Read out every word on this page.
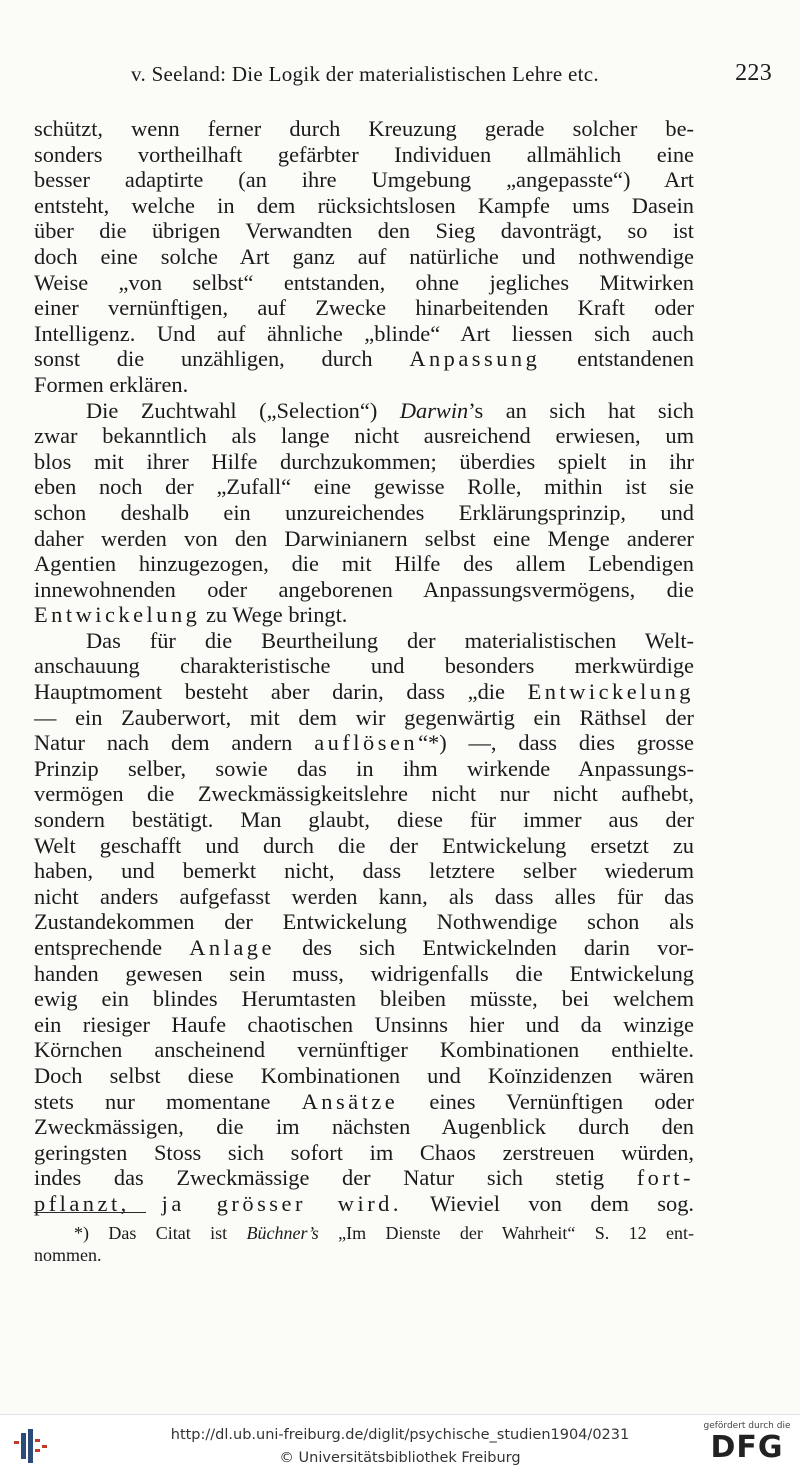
v. Seeland: Die Logik der materialistischen Lehre etc.	223
schützt, wenn ferner durch Kreuzung gerade solcher be-
sonders vortheilhaft gefärbter Individuen allmählich eine
besser adaptirte (an ihre Umgebung „angepasste“) Art
entsteht, welche in dem rücksichtslosen Kampfe ums Dasein
über die übrigen Verwandten den Sieg davonträgt, so ist
doch eine solche Art ganz auf natürliche und nothwendige
Weise „von selbst“ entstanden, ohne jegliches Mitwirken
einer vernünftigen, auf Zwecke hinarbeitenden Kraft oder
Intelligenz. Und auf ähnliche „blinde“ Art liessen sich auch
sonst die unzähligen, durch Anpassung entstandenen
Formen erklären.
Die Zuchtwahl („Selection“) Darwin’s an sich hat sich
zwar bekanntlich als lange nicht ausreichend erwiesen, um
blos mit ihrer Hilfe durchzukommen; überdies spielt in ihr
eben noch der „Zufall“ eine gewisse Rolle, mithin ist sie
schon deshalb ein unzureichendes Erklärungsprinzip, und
daher werden von den Darwinianern selbst eine Menge anderer
Agentien hinzugezogen, die mit Hilfe des allem Lebendigen
innewohnenden oder angeborenen Anpassungsvermögens, die
Entwickelung zu Wege bringt.
Das für die Beurtheilung der materialistischen Welt-
anschauung charakteristische und besonders merkwürdige
Hauptmoment besteht aber darin, dass „die Entwickelung
— ein Zauberwort, mit dem wir gegenwärtig ein Räthsel der
Natur nach dem andern auflösen“*) —, dass dies grosse
Prinzip selber, sowie das in ihm wirkende Anpassungs-
vermögen die Zweckmässigkeitslehre nicht nur nicht aufhebt,
sondern bestätigt. Man glaubt, diese für immer aus der
Welt geschafft und durch die der Entwickelung ersetzt zu
haben, und bemerkt nicht, dass letztere selber wiederum
nicht anders aufgefasst werden kann, als dass alles für das
Zustandekommen der Entwickelung Nothwendige schon als
entsprechende Anlage des sich Entwickelnden darin vor-
handen gewesen sein muss, widrigenfalls die Entwickelung
ewig ein blindes Herumtasten bleiben müsste, bei welchem
ein riesiger Haufe chaotischen Unsinns hier und da winzige
Körnchen anscheinend vernünftiger Kombinationen enthielte.
Doch selbst diese Kombinationen und Koïnzidenzen wären
stets nur momentane Ansätze eines Vernünftigen oder
Zweckmässigen, die im nächsten Augenblick durch den
geringsten Stoss sich sofort im Chaos zerstreuen würden,
indes das Zweckmässige der Natur sich stetig fort-
pflanzt, ja grösser wird. Wieviel von dem sog.
*) Das Citat ist Büchner’s „Im Dienste der Wahrheit“ S. 12 ent-
nommen.
http://dl.ub.uni-freiburg.de/diglit/psychische_studien1904/0231
© Universitätsbibliothek Freiburg
gefördert durch die
DFG
